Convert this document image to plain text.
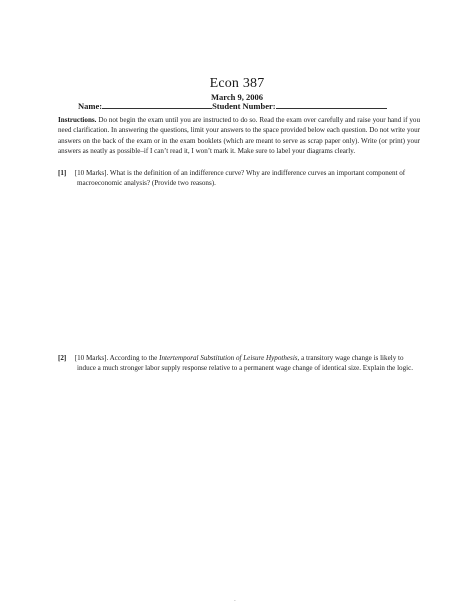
Econ 387
March 9, 2006
Name:	Student Number:
Instructions. Do not begin the exam until you are instructed to do so. Read the exam over carefully and raise your hand if you need clarification. In answering the questions, limit your answers to the space provided below each question. Do not write your answers on the back of the exam or in the exam booklets (which are meant to serve as scrap paper only). Write (or print) your answers as neatly as possible–if I can’t read it, I won’t mark it. Make sure to label your diagrams clearly.
[1] [10 Marks]. What is the definition of an indifference curve? Why are indifference curves an important component of macroeconomic analysis? (Provide two reasons).
[2] [10 Marks]. According to the Intertemporal Substitution of Leisure Hypothesis, a transitory wage change is likely to induce a much stronger labor supply response relative to a permanent wage change of identical size. Explain the logic.
-
